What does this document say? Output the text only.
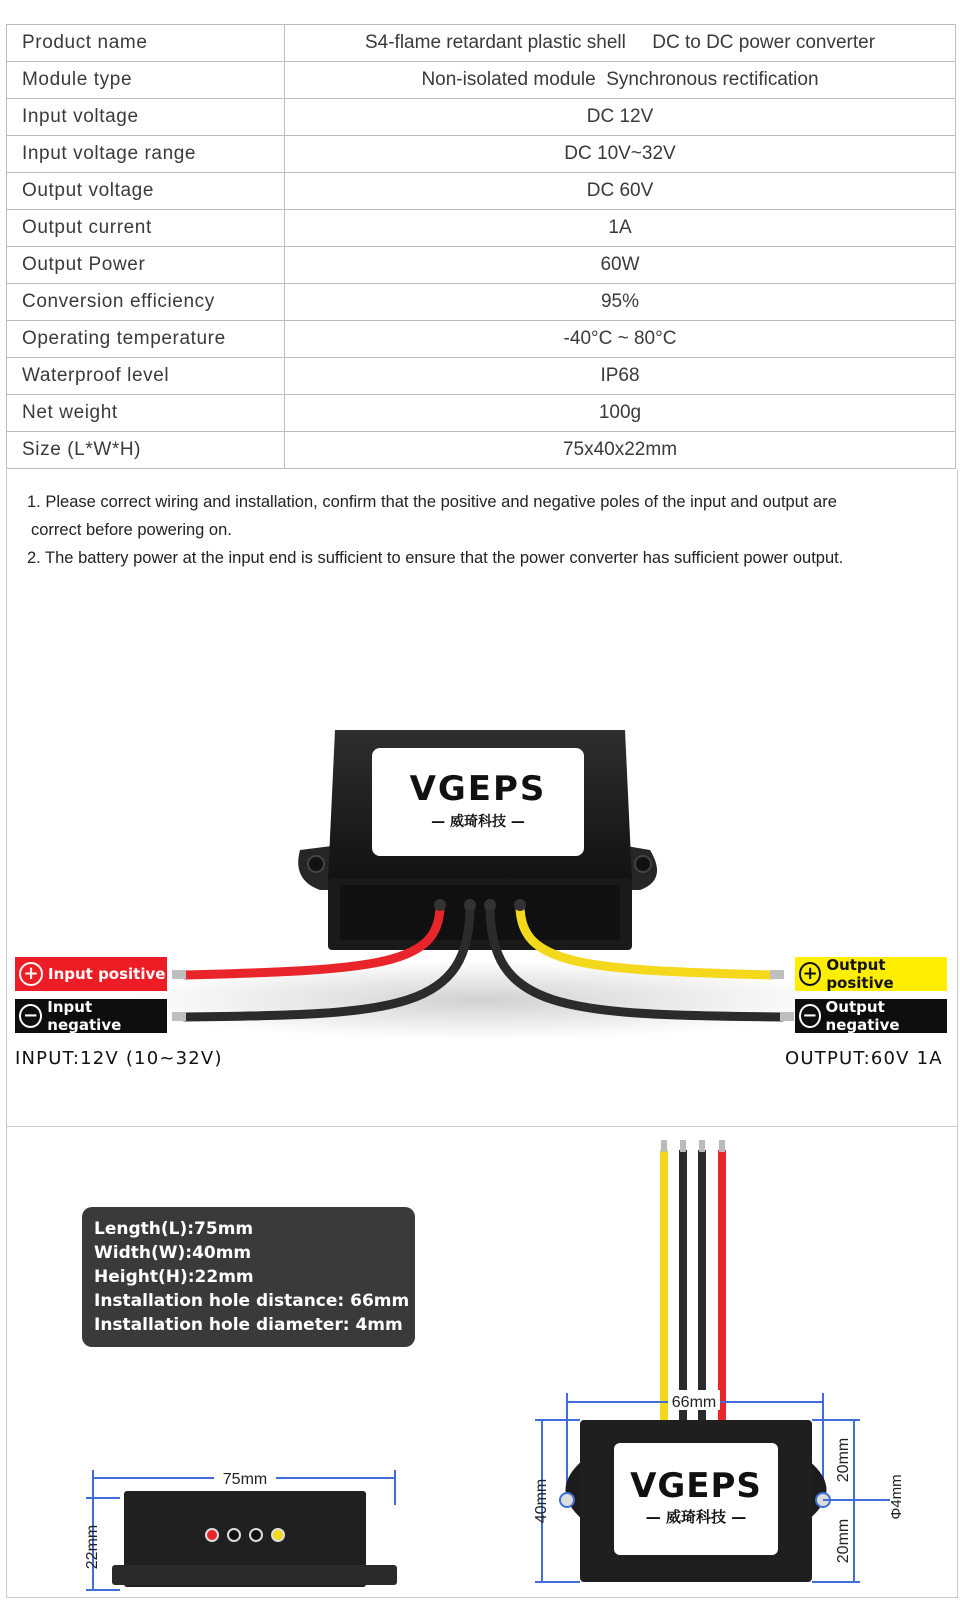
Product name	S4-flame retardant plastic shell     DC to DC power converter
Module type	Non-isolated module  Synchronous rectification
Input voltage	DC 12V
Input voltage range	DC 10V~32V
Output voltage	DC 60V
Output current	1A
Output Power	60W
Conversion efficiency	95%
Operating temperature	-40°C ~ 80°C
Waterproof level	IP68
Net weight	100g
Size (L*W*H)	75x40x22mm

1. Please correct wiring and installation, confirm that the positive and negative poles of the input and output are

correct before powering on.

2. The battery power at the input end is sufficient to ensure that the power converter has sufficient power output.

VGEPS
— 威琦科技 —
75mm
22mm
66mm
VGEPS
— 威琦科技 —
40mm
20mm
20mm
Φ4mm
+ Input positive
− Input negative
+ Output positive
− Output negative
INPUT:12V (10~32V)	OUTPUT:60V 1A
Length(L):75mm
Width(W):40mm
Height(H):22mm
Installation hole distance: 66mm
Installation hole diameter: 4mm
